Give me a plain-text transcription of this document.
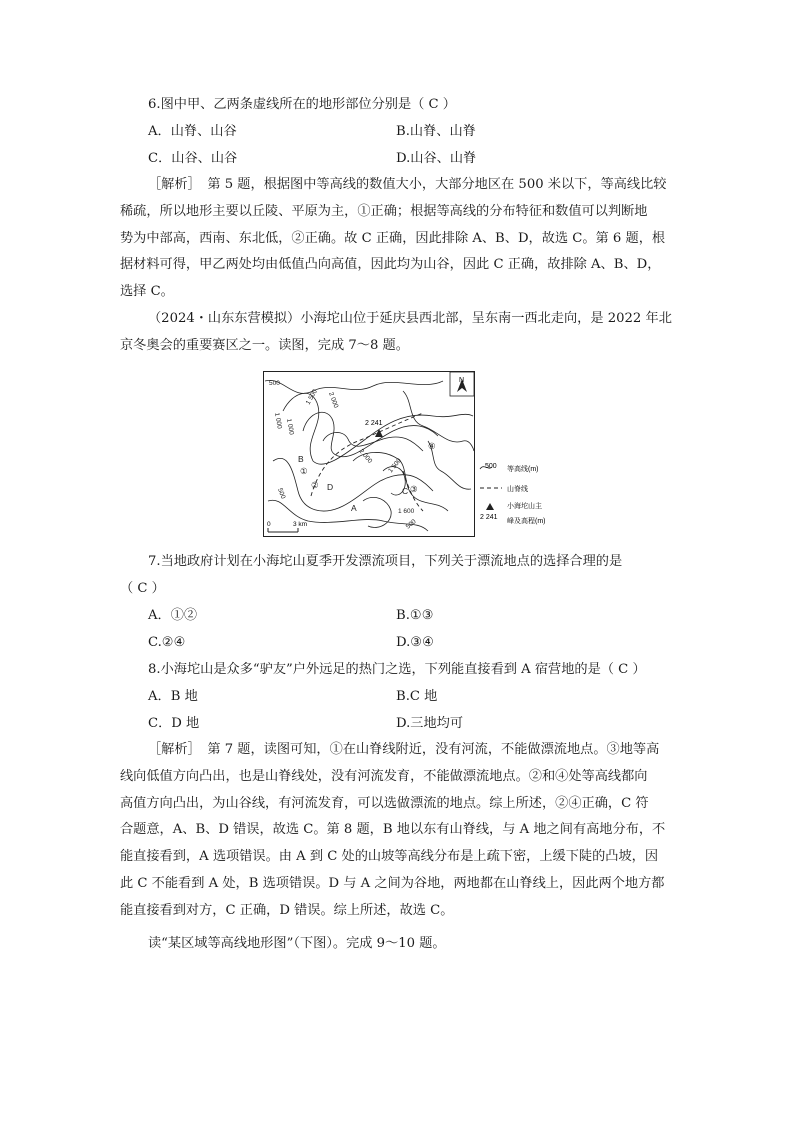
6.图中甲、乙两条虚线所在的地形部位分别是（ C ）
A．山脊、山谷	B.山脊、山脊
C．山谷、山谷	D.山谷、山脊
［解析］　第 5 题，根据图中等高线的数值大小，大部分地区在 500 米以下，等高线比较
稀疏，所以地形主要以丘陵、平原为主，①正确；根据等高线的分布特征和数值可以判断地
势为中部高，西南、东北低，②正确。故 C 正确，因此排除 A、B、D，故选 C。第 6 题，根
据材料可得，甲乙两处均由低值凸向高值，因此均为山谷，因此 C 正确，故排除 A、B、D，
选择 C。
（2024・山东东营模拟）小海坨山位于延庆县西北部，呈东南一西北走向，是 2022 年北
京冬奥会的重要赛区之一。读图，完成 7～8 题。
N
2 241
500
1 500 2 000
1 000
2 000
1 500
1 000
500
1 600
500
B
①
②	③
④
C
D
A
0	3 km
500 等高线(m)
山脊线
小海坨山主
2 241
峰及高程(m)
7.当地政府计划在小海坨山夏季开发漂流项目，下列关于漂流地点的选择合理的是
（ C ）
A．①②	B.①③
C.②④	D.③④
8.小海坨山是众多“驴友”户外远足的热门之选，下列能直接看到 A 宿营地的是（ C ）
A．B 地	B.C 地
C．D 地	D.三地均可
［解析］　第 7 题，读图可知，①在山脊线附近，没有河流，不能做漂流地点。③地等高
线向低值方向凸出，也是山脊线处，没有河流发育，不能做漂流地点。②和④处等高线都向
高值方向凸出，为山谷线，有河流发育，可以选做漂流的地点。综上所述，②④正确，C 符
合题意，A、B、D 错误，故选 C。第 8 题，B 地以东有山脊线，与 A 地之间有高地分布，不
能直接看到，A 选项错误。由 A 到 C 处的山坡等高线分布是上疏下密，上缓下陡的凸坡，因
此 C 不能看到 A 处，B 选项错误。D 与 A 之间为谷地，两地都在山脊线上，因此两个地方都
能直接看到对方，C 正确，D 错误。综上所述，故选 C。
读“某区域等高线地形图”（下图）。完成 9～10 题。
